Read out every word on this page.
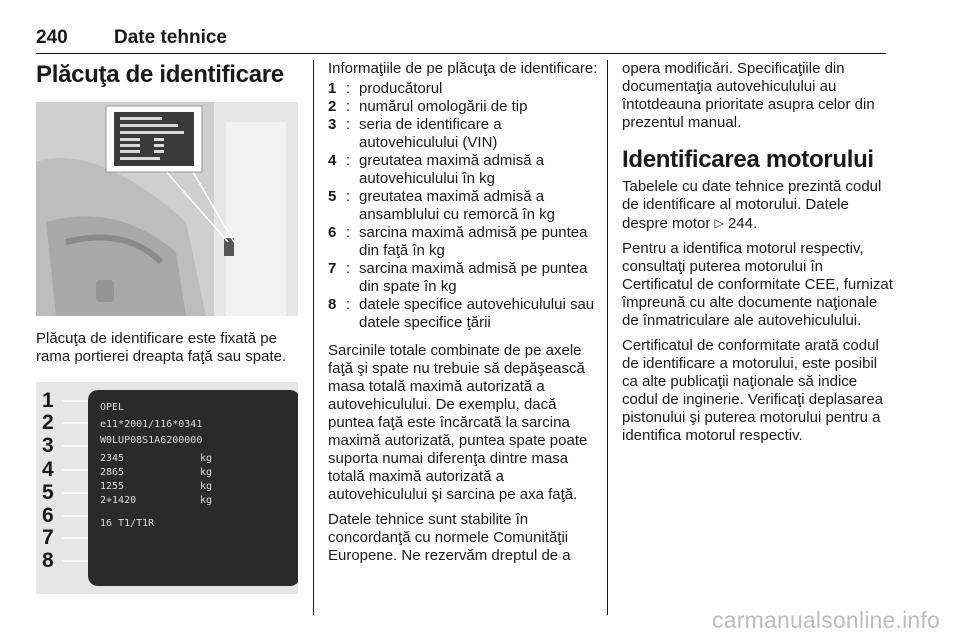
240 Date tehnice
Plăcuţa de identificare

Plăcuţa de identificare este fixată pe rama portierei dreapta faţă sau spate.

OPEL
e11*2001/116*0341
W0LUP08S1A6200000
2345	kg
2865	kg
1255	kg
2+1420	kg
16 T1/T1R
1
2
3
4
5
6
7
8

Informaţiile de pe plăcuţa de identificare:

1 : producătorul
2 : numărul omologării de tip
3 : seria de identificare a autovehiculului (VIN)
4 : greutatea maximă admisă a autovehiculului în kg
5 : greutatea maximă admisă a ansamblului cu remorcă în kg
6 : sarcina maximă admisă pe puntea din faţă în kg
7 : sarcina maximă admisă pe puntea din spate în kg
8 : datele specifice autovehiculului sau datele specifice ţării

Sarcinile totale combinate de pe axele faţă şi spate nu trebuie să depăşească masa totală maximă autorizată a autovehiculului. De exemplu, dacă puntea faţă este încărcată la sarcina maximă autorizată, puntea spate poate suporta numai diferenţa dintre masa totală maximă autorizată a autovehiculului şi sarcina pe axa faţă.

Datele tehnice sunt stabilite în concordanţă cu normele Comunităţii Europene. Ne rezervăm dreptul de a

opera modificări. Specificaţiile din documentaţia autovehiculului au întotdeauna prioritate asupra celor din prezentul manual.

Identificarea motorului

Tabelele cu date tehnice prezintă codul de identificare al motorului. Datele despre motor ▷ 244.

Pentru a identifica motorul respectiv, consultaţi puterea motorului în Certificatul de conformitate CEE, furnizat împreună cu alte documente naţionale de înmatriculare ale autovehiculului.

Certificatul de conformitate arată codul de identificare a motorului, este posibil ca alte publicaţii naţionale să indice codul de inginerie. Verificaţi deplasarea pistonului şi puterea motorului pentru a identifica motorul respectiv.

carmanualsonline.info
